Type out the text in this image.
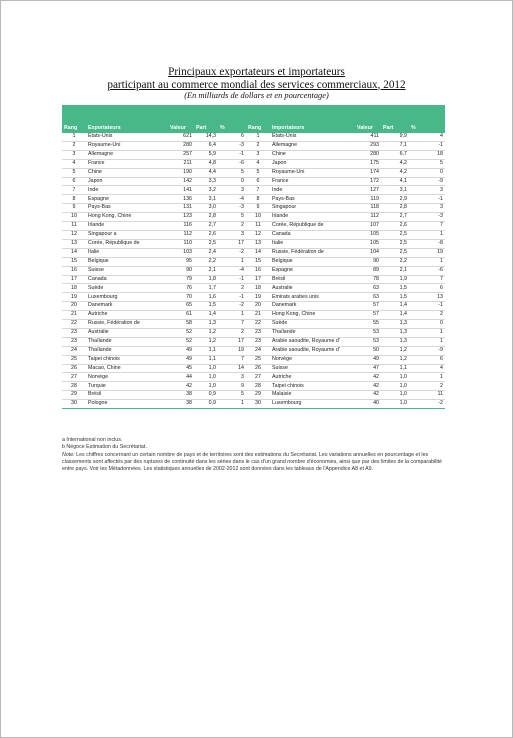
Principaux exportateurs et importateurs
participant au commerce mondial des services commerciaux, 2012
(En milliards de dollars et en pourcentage)

Rang	Exportateurs	Valeur	Part	%	Rang	Importateurs	Valeur	Part	%
1	Etats-Unis	621	14,3	6	1	Etats-Unis	411	9,9	4
2	Royaume-Uni	280	6,4	-3	2	Allemagne	293	7,1	-1
3	Allemagne	257	5,9	-1	3	Chine	280	6,7	18
4	France	211	4,8	-6	4	Japon	175	4,2	5
5	Chine	190	4,4	5	5	Royaume-Uni	174	4,2	0
6	Japon	142	3,3	0	6	France	172	4,1	-9
7	Inde	141	3,2	3	7	Inde	127	3,1	3
8	Espagne	136	3,1	-4	8	Pays-Bas	119	2,9	-1
9	Pays-Bas	131	3,0	-3	9	Singapour	118	2,8	3
10	Hong Kong, Chine	123	2,8	5	10	Irlande	112	2,7	-3
11	Irlande	116	2,7	2	11	Corée, République de	107	2,6	7
12	Singapour a	112	2,6	3	12	Canada	105	2,5	1
13	Corée, République de	110	2,5	17	13	Italie	105	2,5	-8
14	Italie	103	2,4	-2	14	Russie, Fédération de	104	2,5	19
15	Belgique	95	2,2	1	15	Belgique	90	2,2	1
16	Suisse	90	2,1	-4	16	Espagne	89	2,1	-6
17	Canada	79	1,8	-1	17	Brésil	78	1,9	7
18	Suède	76	1,7	2	18	Australie	63	1,5	6
19	Luxembourg	70	1,6	-1	19	Emirats arabes unis	63	1,5	13
20	Danemark	65	1,5	-2	20	Danemark	57	1,4	-1
21	Autriche	61	1,4	1	21	Hong Kong, Chine	57	1,4	2
22	Russie, Fédération de	58	1,3	7	22	Suède	55	1,3	0
23	Australie	52	1,2	2	23	Thaïlande	53	1,3	1
23	Thaïlande	52	1,2	17	23	Arabie saoudite, Royaume d'	53	1,3	1
24	Thaïlande	49	1,1	19	24	Arabie saoudite, Royaume d'	50	1,2	-9
25	Taipei chinois	49	1,1	7	25	Norvège	49	1,2	6
26	Macao, Chine	45	1,0	14	26	Suisse	47	1,1	4
27	Norvège	44	1,0	3	27	Autriche	42	1,0	1
28	Turquie	42	1,0	9	28	Taipei chinois	42	1,0	2
29	Brésil	38	0,9	5	29	Malaisie	42	1,0	11
30	Pologne	38	0,9	1	30	Luxembourg	40	1,0	-2

a International non inclus.

b Négoce Estimation du Secrétariat.

Note: Les chiffres concernant un certain nombre de pays et de territoires sont des estimations du Secrétariat. Les variations annuelles en pourcentage et les classements sont affectés par des ruptures de continuité dans les séries dans le cas d'un grand nombre d'économies, ainsi que par des limites de la comparabilité entre pays. Voir les Métadonnées. Les statistiques annuelles de 2002-2012 sont données dans les tableaux de l'Appendice A8 et A9.
